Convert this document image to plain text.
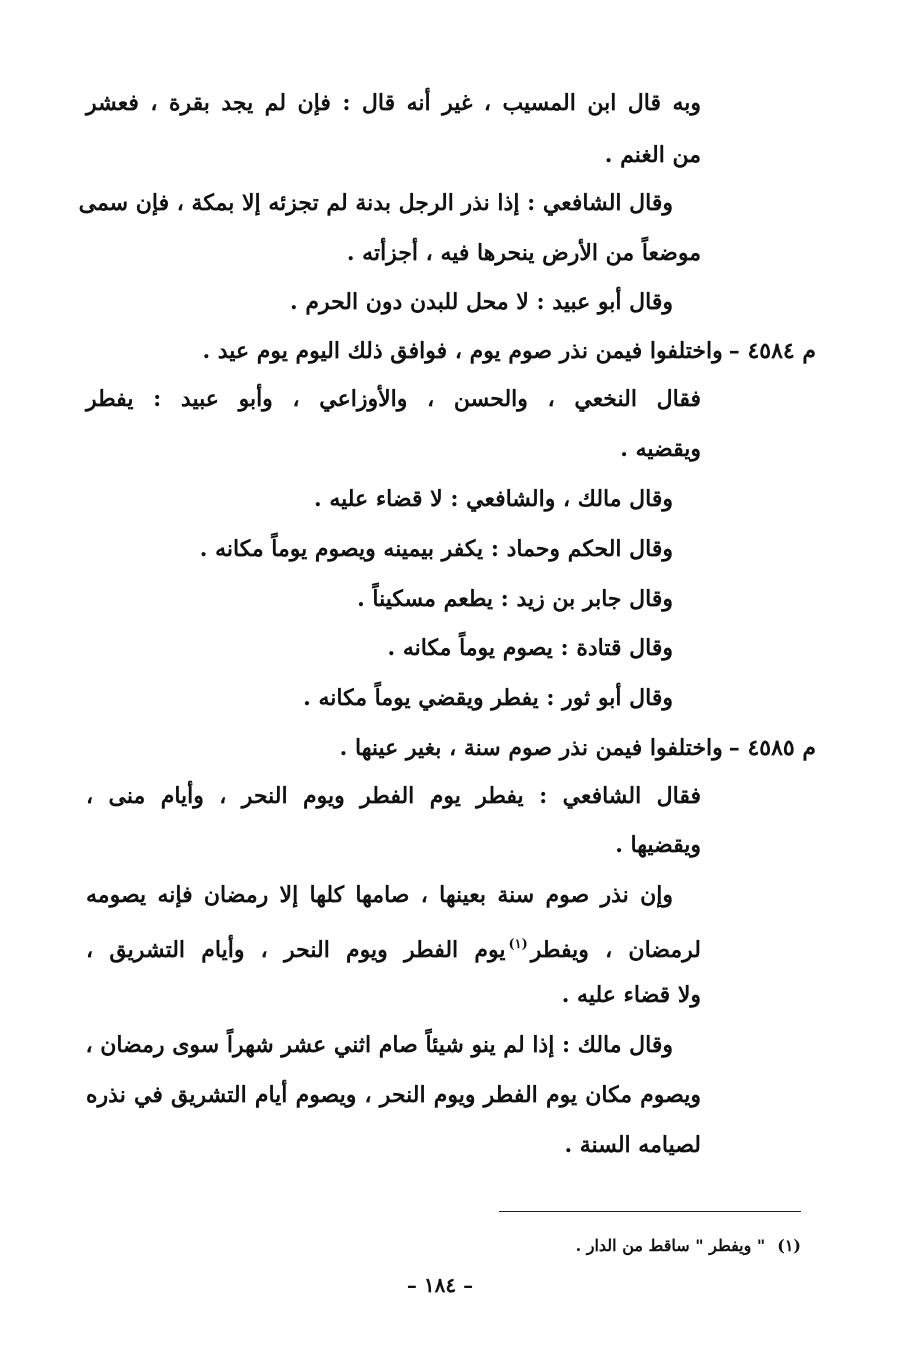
وبه قال ابن المسيب ، غير أنه قال : فإن لم يجد بقرة ، فعشر
من الغنم .
وقال الشافعي : إذا نذر الرجل بدنة لم تجزئه إلا بمكة ، فإن سمى
موضعاً من الأرض ينحرها فيه ، أجزأته .
وقال أبو عبيد : لا محل للبدن دون الحرم .
م ٤٥٨٤ –واختلفوا فيمن نذر صوم يوم ، فوافق ذلك اليوم يوم عيد .
فقال النخعي ، والحسن ، والأوزاعي ، وأبو عبيد : يفطر
ويقضيه .
وقال مالك ، والشافعي : لا قضاء عليه .
وقال الحكم وحماد : يكفر بيمينه ويصوم يوماً مكانه .
وقال جابر بن زيد : يطعم مسكيناً .
وقال قتادة : يصوم يوماً مكانه .
وقال أبو ثور : يفطر ويقضي يوماً مكانه .
م ٤٥٨٥ –واختلفوا فيمن نذر صوم سنة ، بغير عينها .
فقال الشافعي : يفطر يوم الفطر ويوم النحر ، وأيام منى ،
ويقضيها .
وإن نذر صوم سنة بعينها ، صامها كلها إلا رمضان فإنه يصومه
لرمضان ، ويفطر$^{(١)}$يوم الفطر ويوم النحر ، وأيام التشريق ،
ولا قضاء عليه .
وقال مالك : إذا لم ينو شيئاً صام اثني عشر شهراً سوى رمضان ،
ويصوم مكان يوم الفطر ويوم النحر ، ويصوم أيام التشريق في نذره
لصيامه السنة .
(١)" ويفطر " ساقط من الدار .
– ١٨٤ –
